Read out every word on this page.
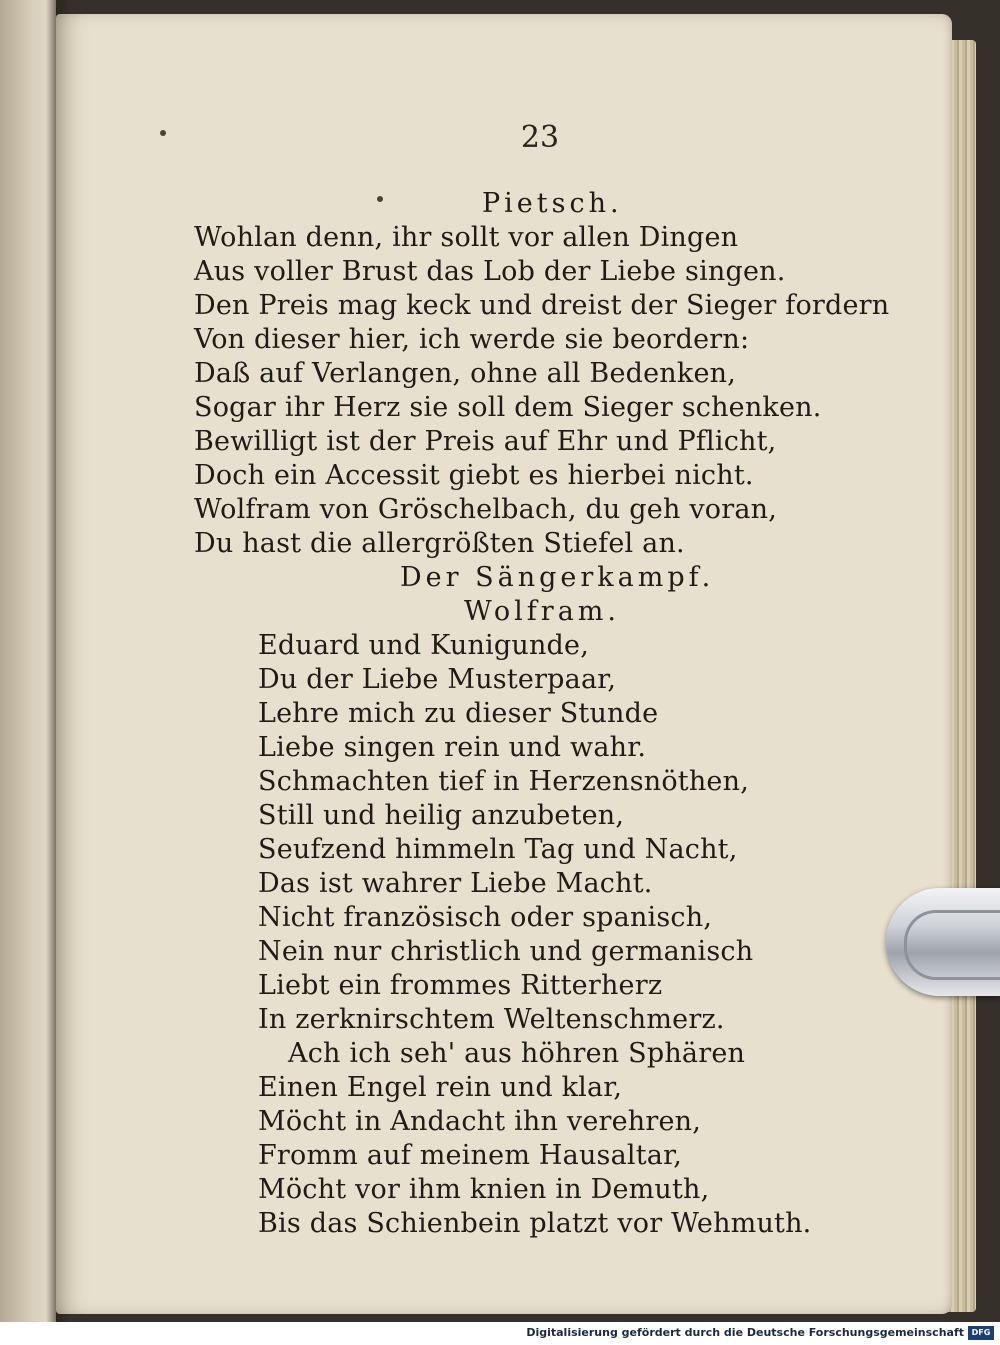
23
Pietsch.
Wohlan denn, ihr sollt vor allen Dingen
Aus voller Brust das Lob der Liebe singen.
Den Preis mag keck und dreist der Sieger fordern
Von dieser hier, ich werde sie beordern:
Daß auf Verlangen, ohne all Bedenken,
Sogar ihr Herz sie soll dem Sieger schenken.
Bewilligt ist der Preis auf Ehr und Pflicht,
Doch ein Accessit giebt es hierbei nicht.
Wolfram von Gröschelbach, du geh voran,
Du hast die allergrößten Stiefel an.
Der Sängerkampf.
Wolfram.
Eduard und Kunigunde,
Du der Liebe Musterpaar,
Lehre mich zu dieser Stunde
Liebe singen rein und wahr.
Schmachten tief in Herzensnöthen,
Still und heilig anzubeten,
Seufzend himmeln Tag und Nacht,
Das ist wahrer Liebe Macht.
Nicht französisch oder spanisch,
Nein nur christlich und germanisch
Liebt ein frommes Ritterherz
In zerknirschtem Weltenschmerz.
Ach ich seh' aus höhren Sphären
Einen Engel rein und klar,
Möcht in Andacht ihn verehren,
Fromm auf meinem Hausaltar,
Möcht vor ihm knien in Demuth,
Bis das Schienbein platzt vor Wehmuth.
Digitalisierung gefördert durch die Deutsche Forschungsgemeinschaft DFG
